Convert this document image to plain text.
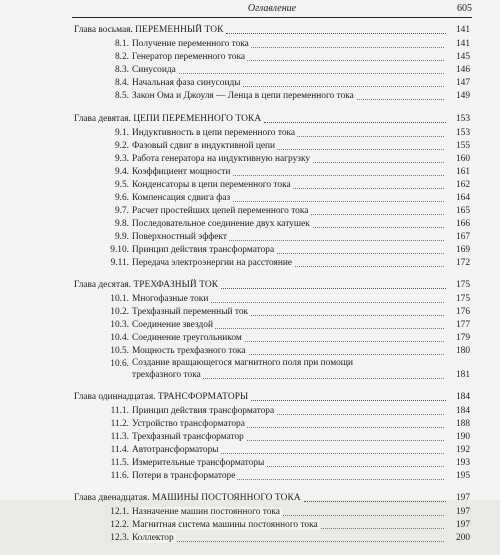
Оглавление	605
Глава восьмая. ПЕРЕМЕННЫЙ ТОК	141
8.1. Получение переменного тока	141
8.2. Генератор переменного тока	145
8.3. Синусоида	146
8.4. Начальная фаза синусоиды	147
8.5. Закон Ома и Джоуля — Ленца в цепи переменного тока	149
Глава девятая. ЦЕПИ ПЕРЕМЕННОГО ТОКА	153
9.1. Индуктивность в цепи переменного тока	153
9.2. Фазовый сдвиг в индуктивной цепи	155
9.3. Работа генератора на индуктивную нагрузку	160
9.4. Коэффициент мощности	161
9.5. Конденсаторы в цепи переменного тока	162
9.6. Компенсация сдвига фаз	164
9.7. Расчет простейших цепей переменного тока	165
9.8. Последовательное соединение двух катушек	166
9.9. Поверхностный эффект	167
9.10. Принцип действия трансформатора	169
9.11. Передача электроэнергии на расстояние	172
Глава десятая. ТРЕХФАЗНЫЙ ТОК	175
10.1. Многофазные токи	175
10.2. Трехфазный переменный ток	176
10.3. Соединение звездой	177
10.4. Соединение треугольником	179
10.5. Мощность трехфазного тока	180
10.6. Создание вращающегося магнитного поля при помощи трехфазного тока	181
Глава одиннадцатая. ТРАНСФОРМАТОРЫ	184
11.1. Принцип действия трансформатора	184
11.2. Устройство трансформатора	188
11.3. Трехфазный трансформатор	190
11.4. Автотрансформаторы	192
11.5. Измерительные трансформаторы	193
11.6. Потери в трансформаторе	195
Глава двенадцатая. МАШИНЫ ПОСТОЯННОГО ТОКА	197
12.1. Назначение машин постоянного тока	197
12.2. Магнитная система машины постоянного тока	197
12.3. Коллектор	200
